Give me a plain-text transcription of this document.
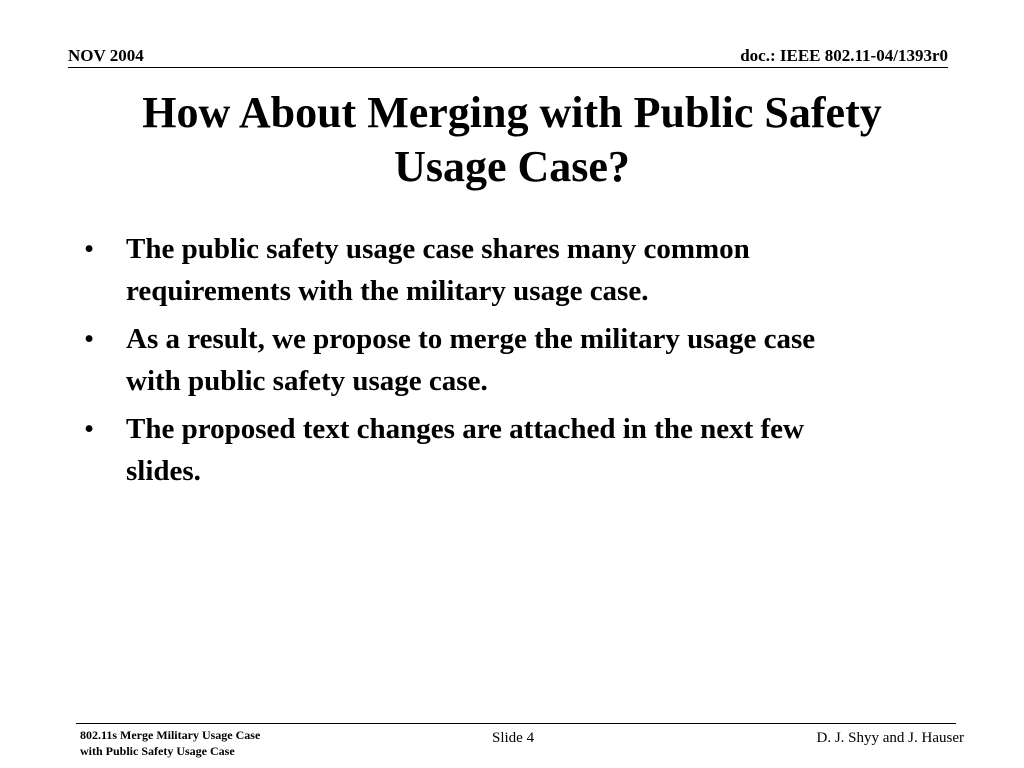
NOV 2004	doc.: IEEE 802.11-04/1393r0
How About Merging with Public Safety
Usage Case?
• The public safety usage case shares many common
requirements with the military usage case.
• As a result, we propose to merge the military usage case
with public safety usage case.
• The proposed text changes are attached in the next few
slides.
802.11s Merge Military Usage Case
with Public Safety Usage Case
Slide 4	D. J. Shyy and J. Hauser
